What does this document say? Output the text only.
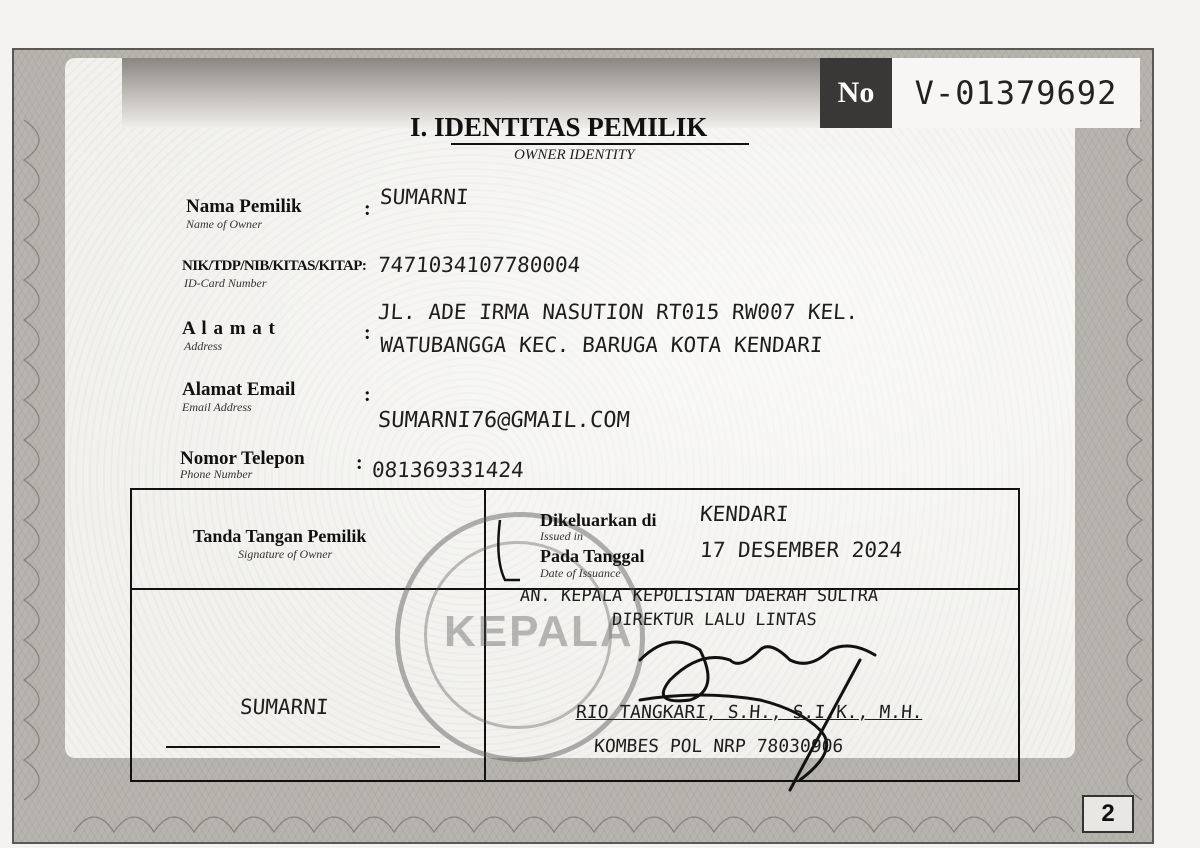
No	V-01379692
I. IDENTITAS PEMILIK
OWNER IDENTITY
Nama Pemilik
Name of Owner
: SUMARNI
NIK/TDP/NIB/KITAS/KITAP:
ID-Card Number
7471034107780004
A l a m a t
Address
:
JL. ADE IRMA NASUTION RT015 RW007 KEL.
WATUBANGGA KEC. BARUGA KOTA KENDARI
Alamat Email
Email Address
:
SUMARNI76@GMAIL.COM
Nomor Telepon
Phone Number	: 081369331424
Tanda Tangan Pemilik
Signature of Owner
KEPALA
Dikeluarkan di
Issued in
KENDARI
Pada Tanggal
Date of Issuance
17 DESEMBER 2024
AN. KEPALA KEPOLISIAN DAERAH SULTRA
DIREKTUR LALU LINTAS
RIO TANGKARI, S.H., S.I.K., M.H.
KOMBES POL NRP 78030906
SUMARNI
2
